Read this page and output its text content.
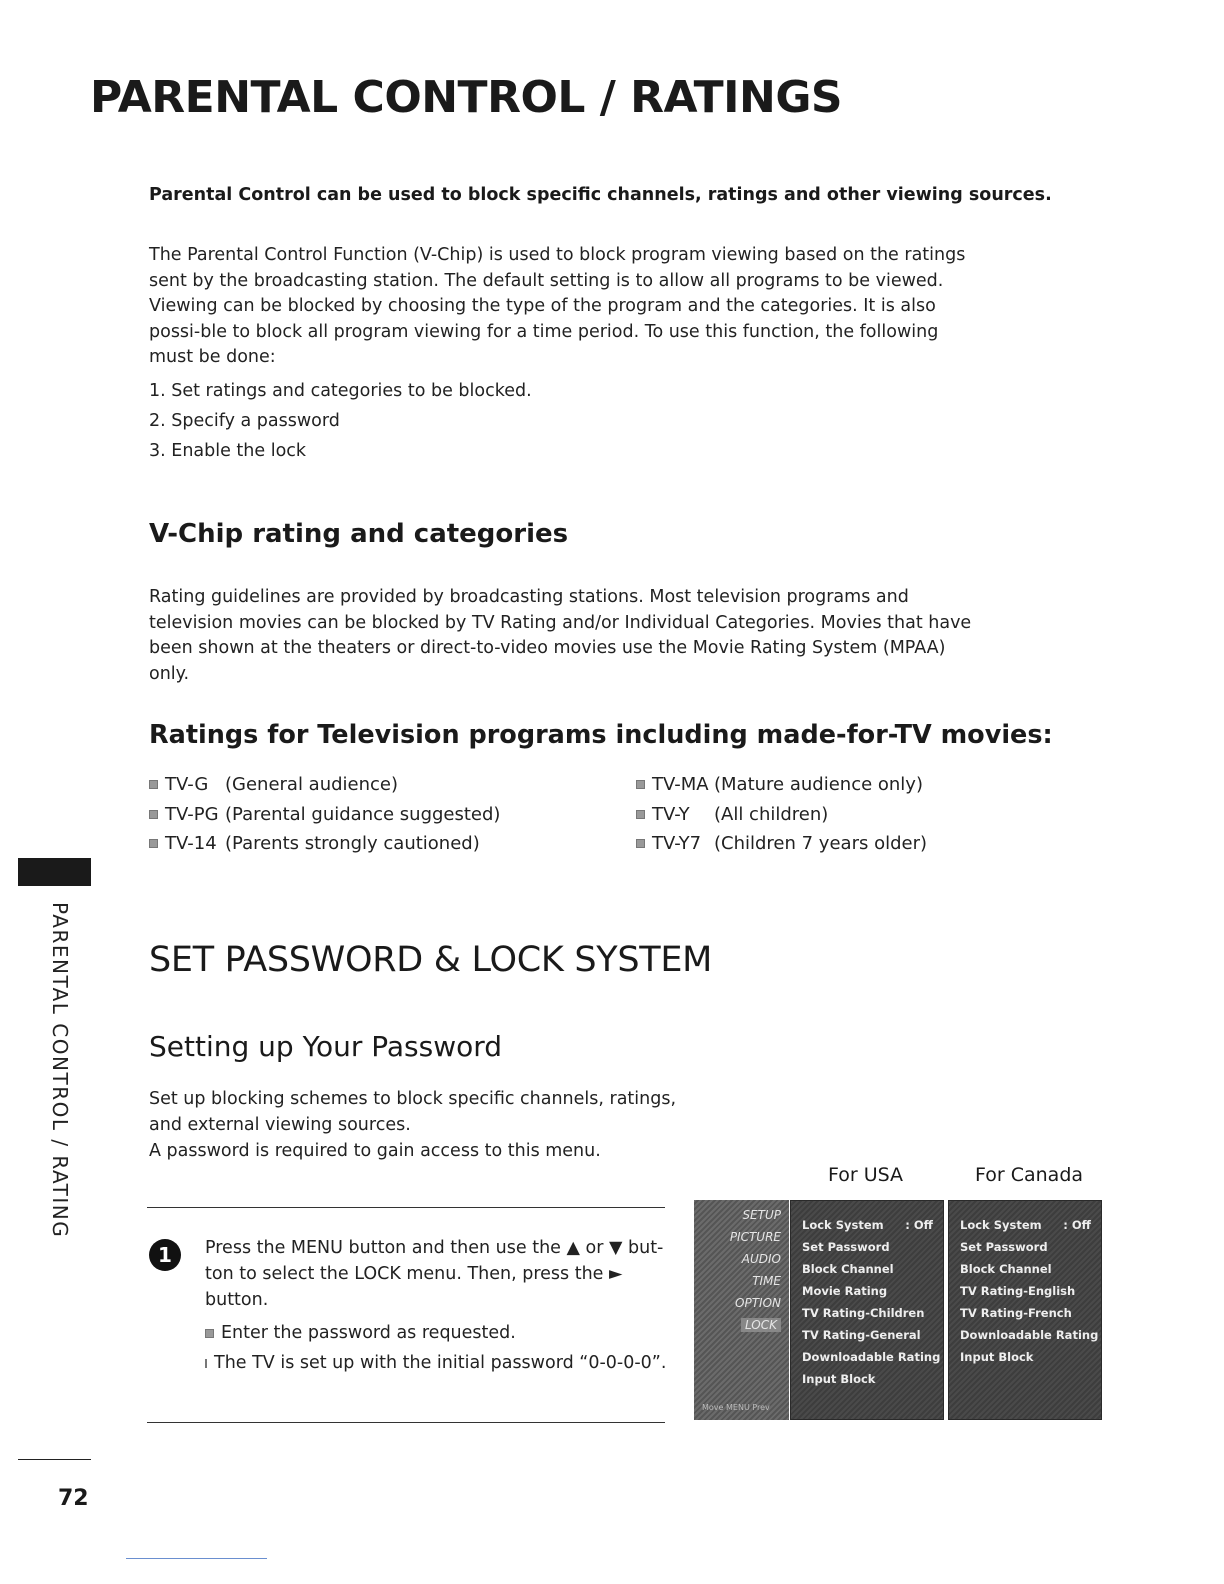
PARENTAL CONTROL / RATINGS
Parental Control can be used to block specific channels, ratings and other viewing sources.
The Parental Control Function (V-Chip) is used to block program viewing based on the ratings sent by the broadcasting station. The default setting is to allow all programs to be viewed. Viewing can be blocked by choosing the type of the program and the categories. It is also possi-ble to block all program viewing for a time period. To use this function, the following must be done:
1. Set ratings and categories to be blocked.
2. Specify a password
3. Enable the lock
V-Chip rating and categories
Rating guidelines are provided by broadcasting stations. Most television programs and television movies can be blocked by TV Rating and/or Individual Categories. Movies that have been shown at the theaters or direct-to-video movies use the Movie Rating System (MPAA) only.
Ratings for Television programs including made-for-TV movies:
TV-G (General audience)
TV-PG (Parental guidance suggested)
TV-14 (Parents strongly cautioned)
TV-MA (Mature audience only)
TV-Y	(All children)
TV-Y7 (Children 7 years older)
PARENTAL CONTROL / RATING
72
SET PASSWORD & LOCK SYSTEM
Setting up Your Password
Set up blocking schemes to block specific channels, ratings, and external viewing sources.
A password is required to gain access to this menu.
For USA	For Canada
1	Press the MENU button and then use the ▲ or ▼ but-ton to select the LOCK menu. Then, press the ► button.
Enter the password as requested.
The TV is set up with the initial password “0-0-0-0”.
SETUP
PICTURE
AUDIO
TIME
OPTION
LOCK
Move MENU Prev
Lock System : Off
Set Password
Block Channel
Movie Rating
TV Rating-Children
TV Rating-General
Downloadable Rating
Input Block
Lock System : Off
Set Password
Block Channel
TV Rating-English
TV Rating-French
Downloadable Rating
Input Block
